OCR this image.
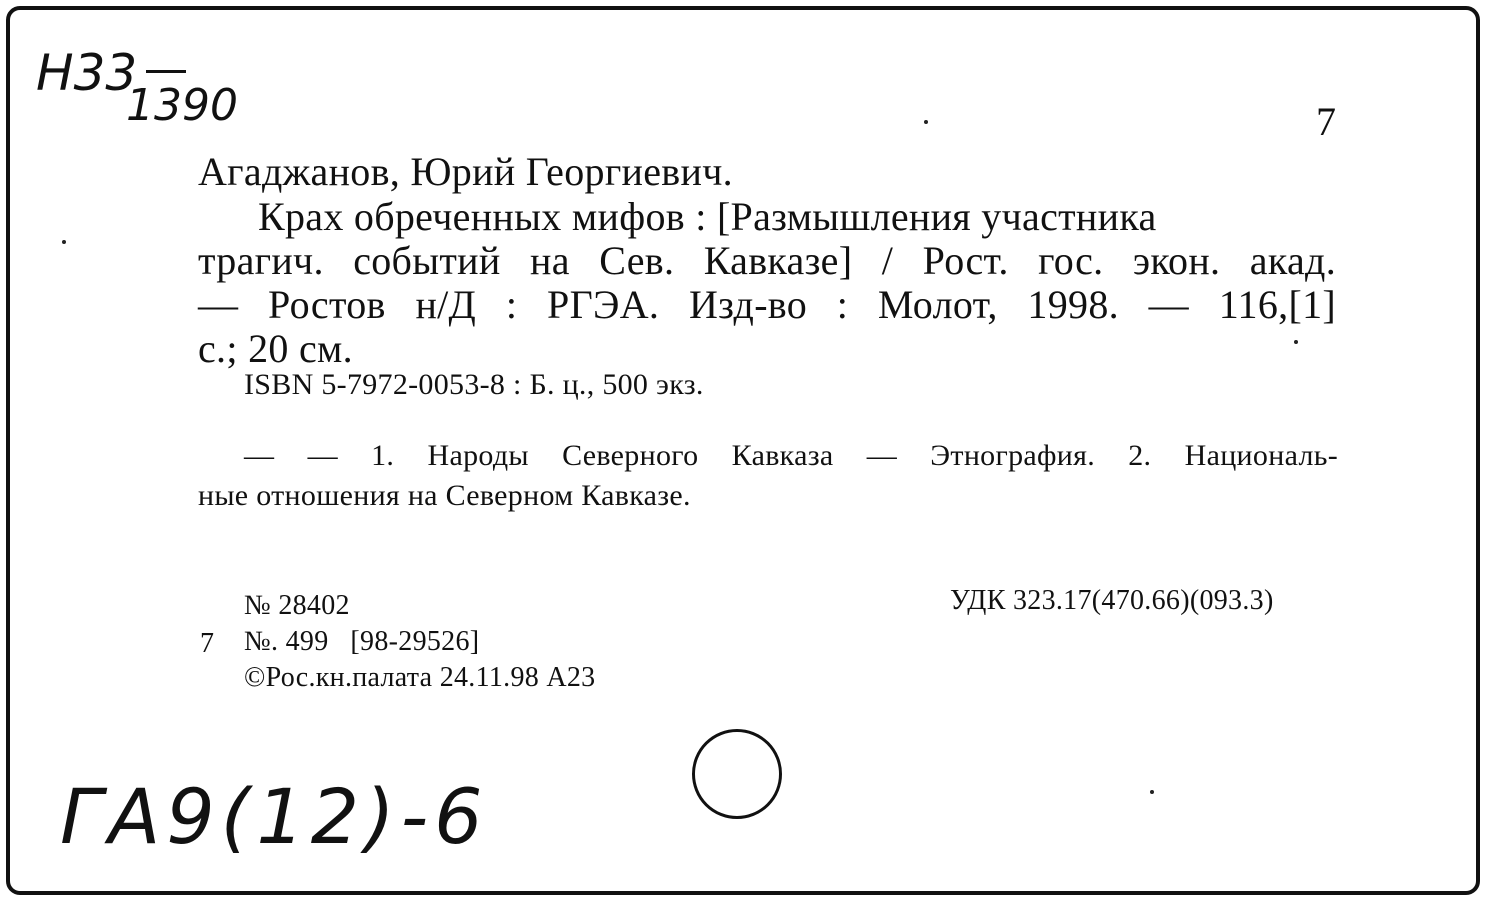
Н33
1390	7
Агаджанов, Юрий Георгиевич.
Крах обреченных мифов : [Размышления участника
трагич. событий на Сев. Кавказе] / Рост. гос. экон. акад.
— Ростов н/Д : РГЭА. Изд-во : Молот, 1998. — 116,[1]
с.; 20 см.
ISBN 5-7972-0053-8 : Б. ц., 500 экз.
— — 1. Народы Северного Кавказа — Этнография. 2. Националь-
ные отношения на Северном Кавказе.
№ 28402	УДК 323.17(470.66)(093.3)
7 №. 499   [98-29526]
©Рос.кн.палата 24.11.98 А23
ГА9(12)-6
